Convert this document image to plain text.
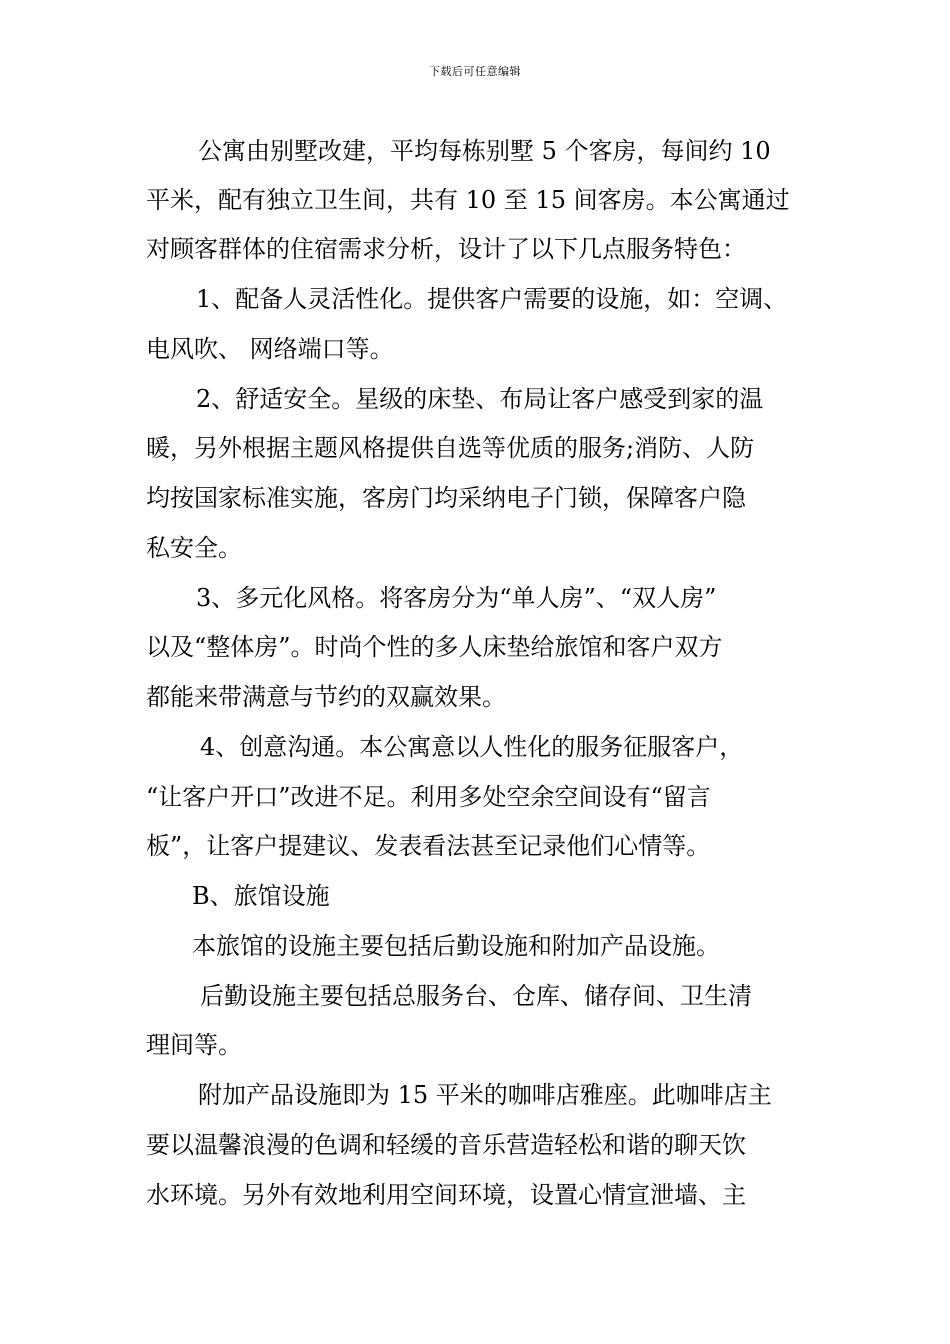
下载后可任意编辑
公寓由别墅改建，平均每栋别墅 5 个客房，每间约 10
平米，配有独立卫生间，共有 10 至 15 间客房。本公寓通过
对顾客群体的住宿需求分析，设计了以下几点服务特色：
1、配备人灵活性化。提供客户需要的设施，如：空调、
电风吹、 网络端口等。
2、舒适安全。星级的床垫、布局让客户感受到家的温
暖，另外根据主题风格提供自选等优质的服务;消防、人防
均按国家标准实施，客房门均采纳电子门锁，保障客户隐
私安全。
3、多元化风格。将客房分为“单人房”、“双人房”
以及“整体房”。时尚个性的多人床垫给旅馆和客户双方
都能来带满意与节约的双赢效果。
4、创意沟通。本公寓意以人性化的服务征服客户，
“让客户开口”改进不足。利用多处空余空间设有“留言
板”，让客户提建议、发表看法甚至记录他们心情等。
B、旅馆设施
本旅馆的设施主要包括后勤设施和附加产品设施。
后勤设施主要包括总服务台、仓库、储存间、卫生清
理间等。
附加产品设施即为 15 平米的咖啡店雅座。此咖啡店主
要以温馨浪漫的色调和轻缓的音乐营造轻松和谐的聊天饮
水环境。另外有效地利用空间环境，设置心情宣泄墙、主
